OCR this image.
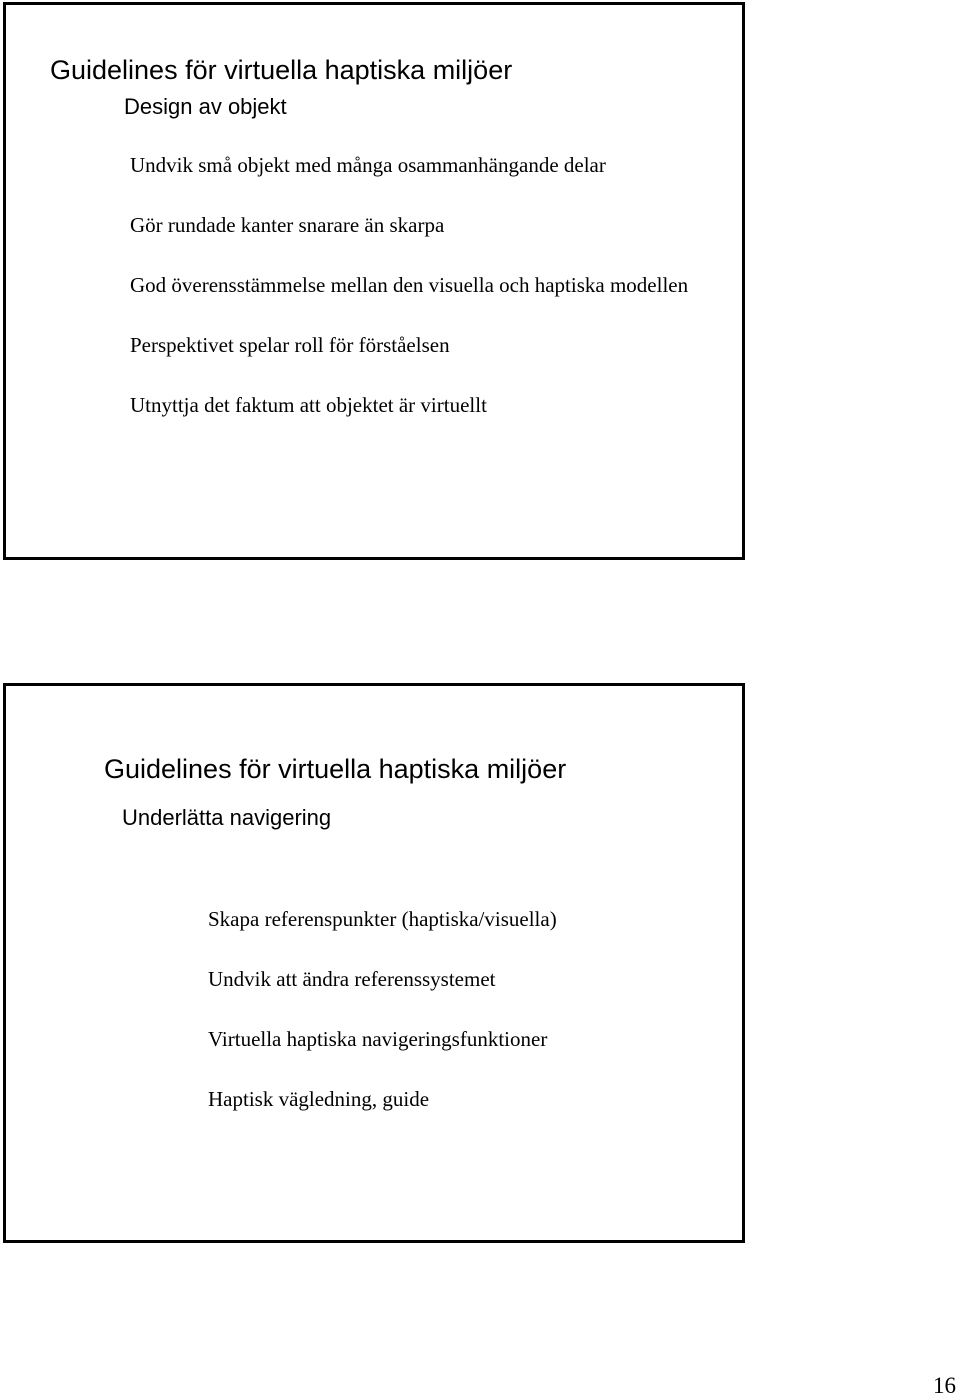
Guidelines för virtuella haptiska miljöer
Design av objekt
Undvik små objekt med många osammanhängande delar
Gör rundade kanter snarare än skarpa
God överensstämmelse mellan den visuella och haptiska modellen
Perspektivet spelar roll för förståelsen
Utnyttja det faktum att objektet är virtuellt
Guidelines för virtuella haptiska miljöer
Underlätta navigering
Skapa referenspunkter (haptiska/visuella)
Undvik att ändra referenssystemet
Virtuella haptiska navigeringsfunktioner
Haptisk vägledning, guide
16
